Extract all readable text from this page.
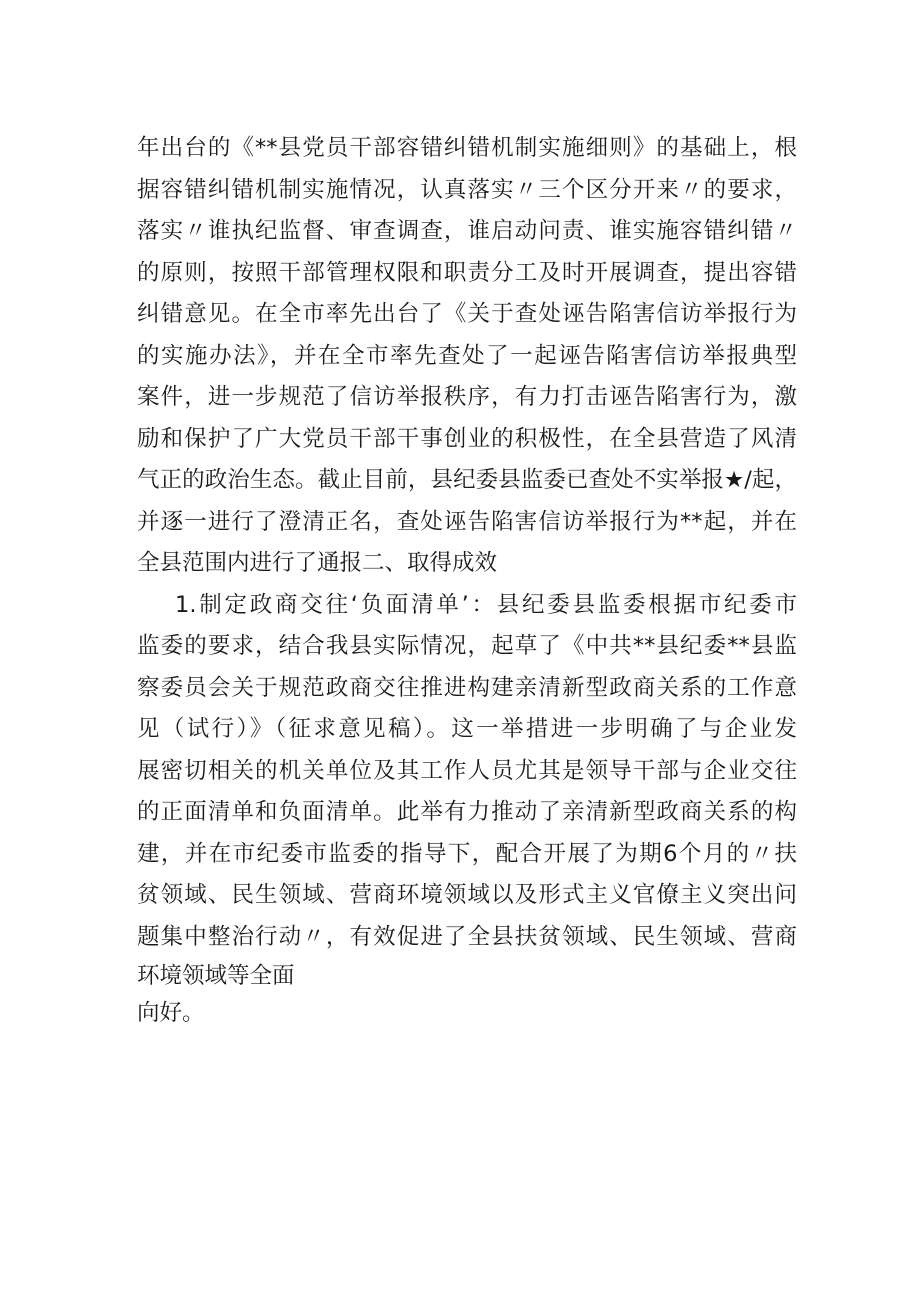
年出台的《**县党员干部容错纠错机制实施细则》的基础上，根
据容错纠错机制实施情况，认真落实〃三个区分开来〃的要求，
落实〃谁执纪监督、审查调查，谁启动问责、谁实施容错纠错〃
的原则，按照干部管理权限和职责分工及时开展调查，提出容错
纠错意见。在全市率先出台了《关于查处诬告陷害信访举报行为
的实施办法》，并在全市率先查处了一起诬告陷害信访举报典型
案件，进一步规范了信访举报秩序，有力打击诬告陷害行为，激
励和保护了广大党员干部干事创业的积极性，在全县营造了风清
气正的政治生态。截止目前，县纪委县监委已查处不实举报★/起，
并逐一进行了澄清正名，查处诬告陷害信访举报行为**起，并在
全县范围内进行了通报二、取得成效
1.制定政商交往‘负面清单’：县纪委县监委根据市纪委市
监委的要求，结合我县实际情况，起草了《中共**县纪委**县监
察委员会关于规范政商交往推进构建亲清新型政商关系的工作意
见（试行）》（征求意见稿）。这一举措进一步明确了与企业发
展密切相关的机关单位及其工作人员尤其是领导干部与企业交往
的正面清单和负面清单。此举有力推动了亲清新型政商关系的构
建，并在市纪委市监委的指导下，配合开展了为期6个月的〃扶
贫领域、民生领域、营商环境领域以及形式主义官僚主义突出问
题集中整治行动〃，有效促进了全县扶贫领域、民生领域、营商
环境领域等全面
向好。
